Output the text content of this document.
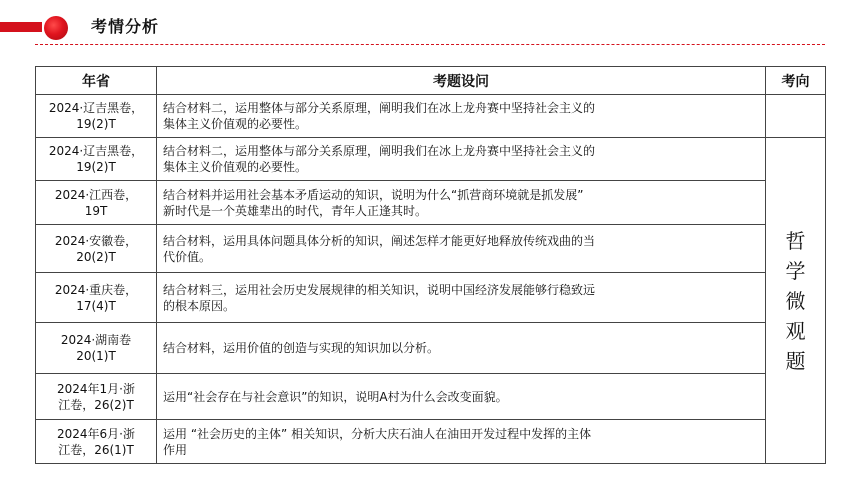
考情分析
年省	考题设问	考向

2024·辽吉黑卷，
19(2)T	结合材料二，运用整体与部分关系原理，阐明我们在冰上龙舟赛中坚持社会主义的
集体主义价值观的必要性。	

2024·辽吉黑卷，
19(2)T	结合材料二，运用整体与部分关系原理，阐明我们在冰上龙舟赛中坚持社会主义的
集体主义价值观的必要性。	哲学微观题

2024·江西卷，
19T	结合材料并运用社会基本矛盾运动的知识，说明为什么“抓营商环境就是抓发展”
新时代是一个英雄辈出的时代，青年人正逢其时。	

2024·安徽卷，
20(2)T	结合材料，运用具体问题具体分析的知识，阐述怎样才能更好地释放传统戏曲的当
代价值。	

2024·重庆卷，
17(4)T	结合材料三，运用社会历史发展规律的相关知识，说明中国经济发展能够行稳致远
的根本原因。	

2024·湖南卷
20(1)T	结合材料，运用价值的创造与实现的知识加以分析。	

2024年1月·浙
江卷，26(2)T	运用“社会存在与社会意识”的知识，说明A村为什么会改变面貌。	

2024年6月·浙
江卷，26(1)T	运用 “社会历史的主体” 相关知识，分析大庆石油人在油田开发过程中发挥的主体
作用	
